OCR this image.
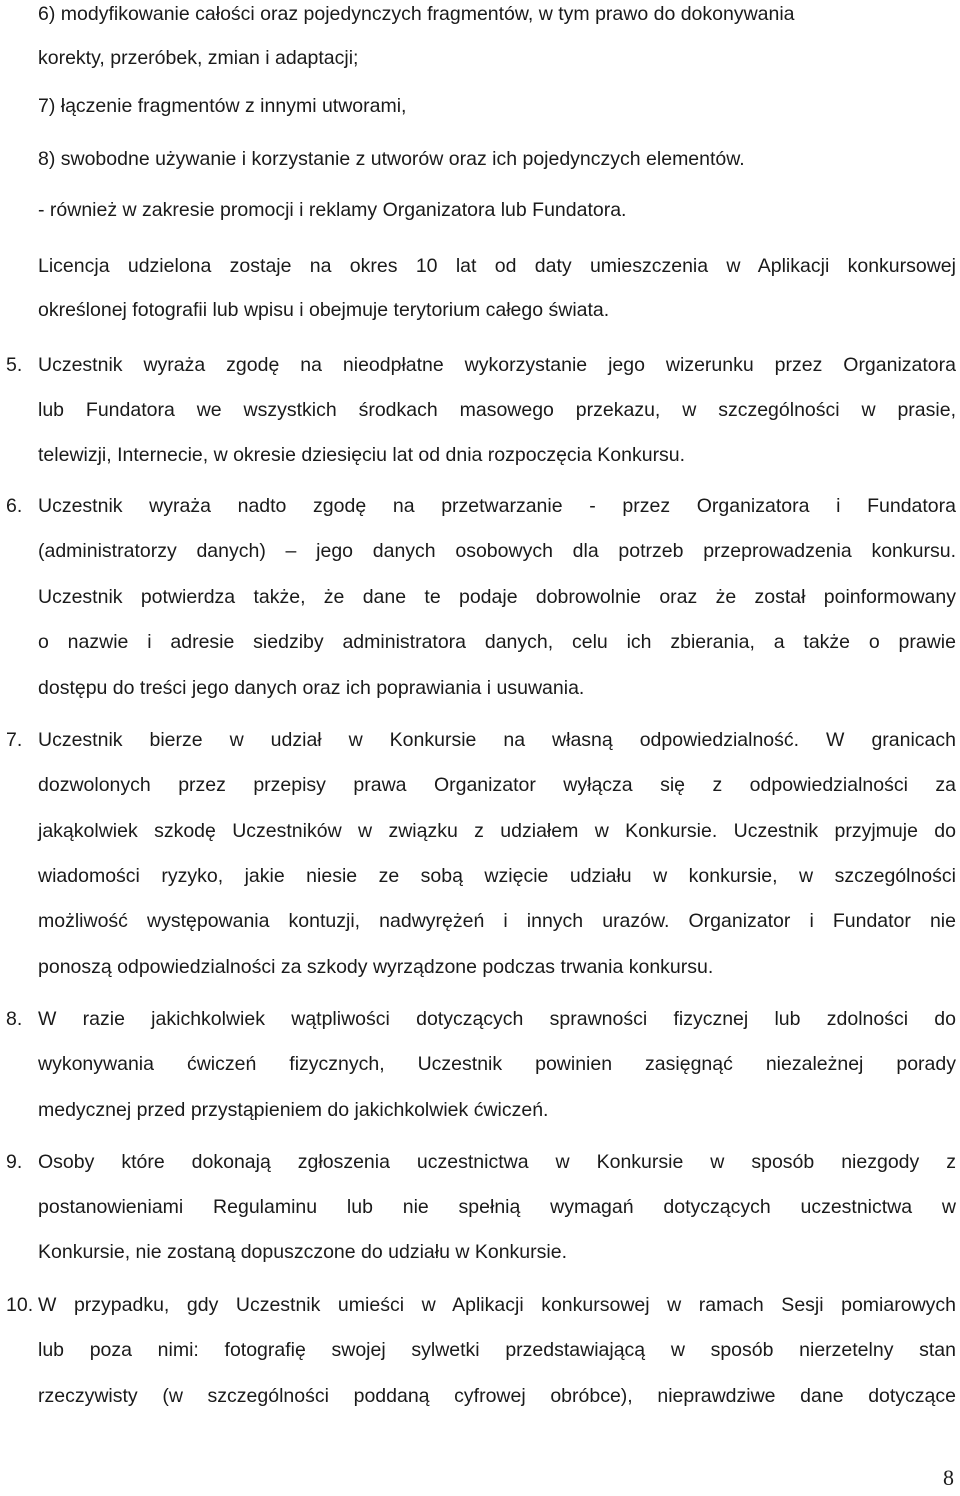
6) modyfikowanie całości oraz pojedynczych fragmentów, w tym prawo do dokonywania
korekty, przeróbek, zmian i adaptacji;
7) łączenie fragmentów z innymi utworami,
8) swobodne używanie i korzystanie z utworów oraz ich pojedynczych elementów.
- również w zakresie promocji i reklamy Organizatora lub Fundatora.
Licencja udzielona zostaje na okres 10 lat od daty umieszczenia w Aplikacji konkursowej
określonej fotografii lub wpisu i obejmuje terytorium całego świata.
5. Uczestnik wyraża zgodę na nieodpłatne wykorzystanie jego wizerunku przez Organizatora
lub Fundatora we wszystkich środkach masowego przekazu, w szczególności w prasie,
telewizji, Internecie, w okresie dziesięciu lat od dnia rozpoczęcia Konkursu.
6. Uczestnik wyraża nadto zgodę na przetwarzanie - przez Organizatora i Fundatora
(administratorzy danych) – jego danych osobowych dla potrzeb przeprowadzenia konkursu.
Uczestnik potwierdza także, że dane te podaje dobrowolnie oraz że został poinformowany
o nazwie i adresie siedziby administratora danych, celu ich zbierania, a także o prawie
dostępu do treści jego danych oraz ich poprawiania i usuwania.
7. Uczestnik bierze w udział w Konkursie na własną odpowiedzialność. W granicach
dozwolonych przez przepisy prawa Organizator wyłącza się z odpowiedzialności za
jakąkolwiek szkodę Uczestników w związku z udziałem w Konkursie. Uczestnik przyjmuje do
wiadomości ryzyko, jakie niesie ze sobą wzięcie udziału w konkursie, w szczególności
możliwość występowania kontuzji, nadwyrężeń i innych urazów. Organizator i Fundator nie
ponoszą odpowiedzialności za szkody wyrządzone podczas trwania konkursu.
8. W razie jakichkolwiek wątpliwości dotyczących sprawności fizycznej lub zdolności do
wykonywania ćwiczeń fizycznych, Uczestnik powinien zasięgnąć niezależnej porady
medycznej przed przystąpieniem do jakichkolwiek ćwiczeń.
9. Osoby które dokonają zgłoszenia uczestnictwa w Konkursie w sposób niezgody z
postanowieniami Regulaminu lub nie spełnią wymagań dotyczących uczestnictwa w
Konkursie, nie zostaną dopuszczone do udziału w Konkursie.
10. W przypadku, gdy Uczestnik umieści w Aplikacji konkursowej w ramach Sesji pomiarowych
lub poza nimi: fotografię swojej sylwetki przedstawiającą w sposób nierzetelny stan
rzeczywisty (w szczególności poddaną cyfrowej obróbce), nieprawdziwe dane dotyczące
8
